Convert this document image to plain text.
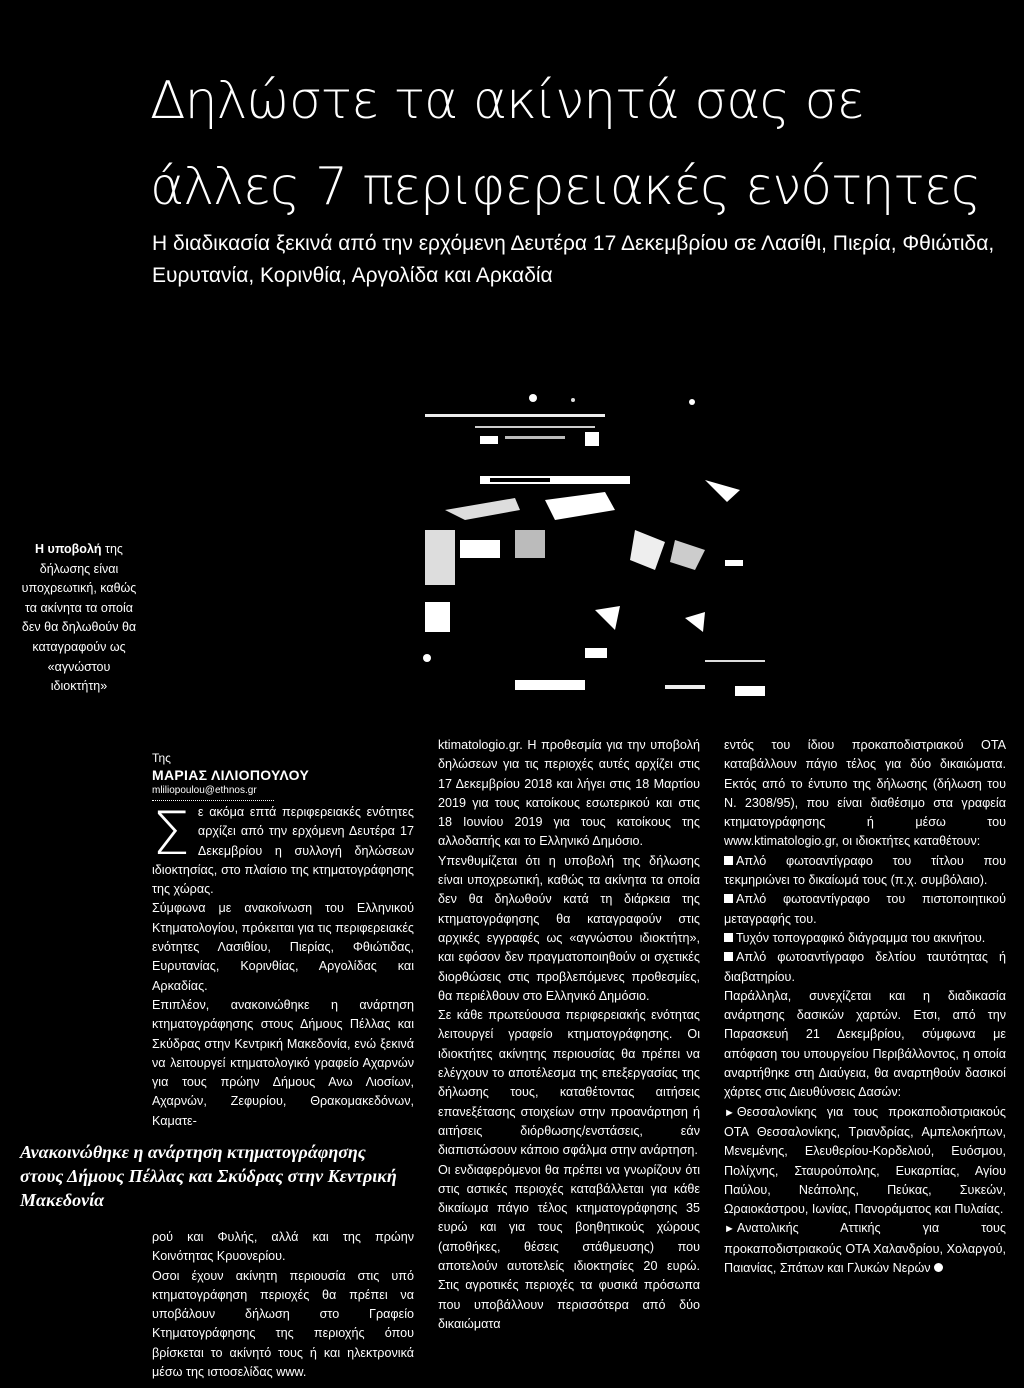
Δηλώστε τα ακίνητά σας σε
άλλες 7 περιφερειακές ενότητες
Η διαδικασία ξεκινά από την ερχόμενη Δευτέρα 17 Δεκεμβρίου σε Λασίθι, Πιερία, Φθιώτιδα, Ευρυτανία, Κορινθία, Αργολίδα και Αρκαδία
Η υποβολή της δήλωσης είναι υποχρεωτική, καθώς τα ακίνητα τα οποία δεν θα δηλωθούν θα καταγραφούν ως «αγνώστου ιδιοκτήτη»
Της
ΜΑΡΙΑΣ ΛΙΛΙΟΠΟΥΛΟΥ
mliliopoulou@ethnos.gr
Σ ε ακόμα επτά περιφερειακές ενότητες αρχίζει από την ερχόμενη Δευτέρα 17 Δεκεμβρίου η συλλογή δηλώσεων ιδιοκτησίας, στο πλαίσιο της κτηματογράφησης της χώρας.

Σύμφωνα με ανακοίνωση του Ελληνικού Κτηματολογίου, πρόκειται για τις περιφερειακές ενότητες Λασιθίου, Πιερίας, Φθιώτιδας, Ευρυτανίας, Κορινθίας, Αργολίδας και Αρκαδίας.

Επιπλέον, ανακοινώθηκε η ανάρτηση κτηματογράφησης στους Δήμους Πέλλας και Σκύδρας στην Κεντρική Μακεδονία, ενώ ξεκινά να λειτουργεί κτηματολογικό γραφείο Αχαρνών για τους πρώην Δήμους Ανω Λιοσίων, Αχαρνών, Ζεφυρίου, Θρακομακεδόνων, Καματε-

Ανακοινώθηκε η ανάρτηση κτηματογράφησης στους Δήμους Πέλλας και Σκύδρας στην Κεντρική Μακεδονία

ρού και Φυλής, αλλά και της πρώην Κοινότητας Κρυονερίου.

Οσοι έχουν ακίνητη περιουσία στις υπό κτηματογράφηση περιοχές θα πρέπει να υποβάλουν δήλωση στο Γραφείο Κτηματογράφησης της περιοχής όπου βρίσκεται το ακίνητό τους ή και ηλεκτρονικά μέσω της ιστοσελίδας www.

ktimatologio.gr. Η προθεσμία για την υποβολή δηλώσεων για τις περιοχές αυτές αρχίζει στις 17 Δεκεμβρίου 2018 και λήγει στις 18 Μαρτίου 2019 για τους κατοίκους εσωτερικού και στις 18 Ιουνίου 2019 για τους κατοίκους της αλλοδαπής και το Ελληνικό Δημόσιο.

Υπενθυμίζεται ότι η υποβολή της δήλωσης είναι υποχρεωτική, καθώς τα ακίνητα τα οποία δεν θα δηλωθούν κατά τη διάρκεια της κτηματογράφησης θα καταγραφούν στις αρχικές εγγραφές ως «αγνώστου ιδιοκτήτη», και εφόσον δεν πραγματοποιηθούν οι σχετικές διορθώσεις στις προβλεπόμενες προθεσμίες, θα περιέλθουν στο Ελληνικό Δημόσιο.

Σε κάθε πρωτεύουσα περιφερειακής ενότητας λειτουργεί γραφείο κτηματογράφησης. Οι ιδιοκτήτες ακίνητης περιουσίας θα πρέπει να ελέγχουν το αποτέλεσμα της επεξεργασίας της δήλωσης τους, καταθέτοντας αιτήσεις επανεξέτασης στοιχείων στην προανάρτηση ή αιτήσεις διόρθωσης/ενστάσεις, εάν διαπιστώσουν κάποιο σφάλμα στην ανάρτηση.

Οι ενδιαφερόμενοι θα πρέπει να γνωρίζουν ότι στις αστικές περιοχές καταβάλλεται για κάθε δικαίωμα πάγιο τέλος κτηματογράφησης 35 ευρώ και για τους βοηθητικούς χώρους (αποθήκες, θέσεις στάθμευσης) που αποτελούν αυτοτελείς ιδιοκτησίες 20 ευρώ. Στις αγροτικές περιοχές τα φυσικά πρόσωπα που υποβάλλουν περισσότερα από δύο δικαιώματα

εντός του ίδιου προκαποδιστριακού ΟΤΑ καταβάλλουν πάγιο τέλος για δύο δικαιώματα. Εκτός από το έντυπο της δήλωσης (δήλωση του Ν. 2308/95), που είναι διαθέσιμο στα γραφεία κτηματογράφησης ή μέσω του www.ktimatologio.gr, οι ιδιοκτήτες καταθέτουν:

Απλό φωτοαντίγραφο του τίτλου που τεκμηριώνει το δικαίωμά τους (π.χ. συμβόλαιο).

Απλό φωτοαντίγραφο του πιστοποιητικού μεταγραφής του.

Τυχόν τοπογραφικό διάγραμμα του ακινήτου.

Απλό φωτοαντίγραφο δελτίου ταυτότητας ή διαβατηρίου.

Παράλληλα, συνεχίζεται και η διαδικασία ανάρτησης δασικών χαρτών. Ετσι, από την Παρασκευή 21 Δεκεμβρίου, σύμφωνα με απόφαση του υπουργείου Περιβάλλοντος, η οποία αναρτήθηκε στη Διαύγεια, θα αναρτηθούν δασικοί χάρτες στις Διευθύνσεις Δασών:

► Θεσσαλονίκης για τους προκαποδιστριακούς ΟΤΑ Θεσσαλονίκης, Τριανδρίας, Αμπελοκήπων, Μενεμένης, Ελευθερίου-Κορδελιού, Ευόσμου, Πολίχνης, Σταυρούπολης, Ευκαρπίας, Αγίου Παύλου, Νεάπολης, Πεύκας, Συκεών, Ωραιοκάστρου, Ιωνίας, Πανοράματος και Πυλαίας.

► Ανατολικής Αττικής για τους προκαποδιστριακούς ΟΤΑ Χαλανδρίου, Χολαργού, Παιανίας, Σπάτων και Γλυκών Νερών
